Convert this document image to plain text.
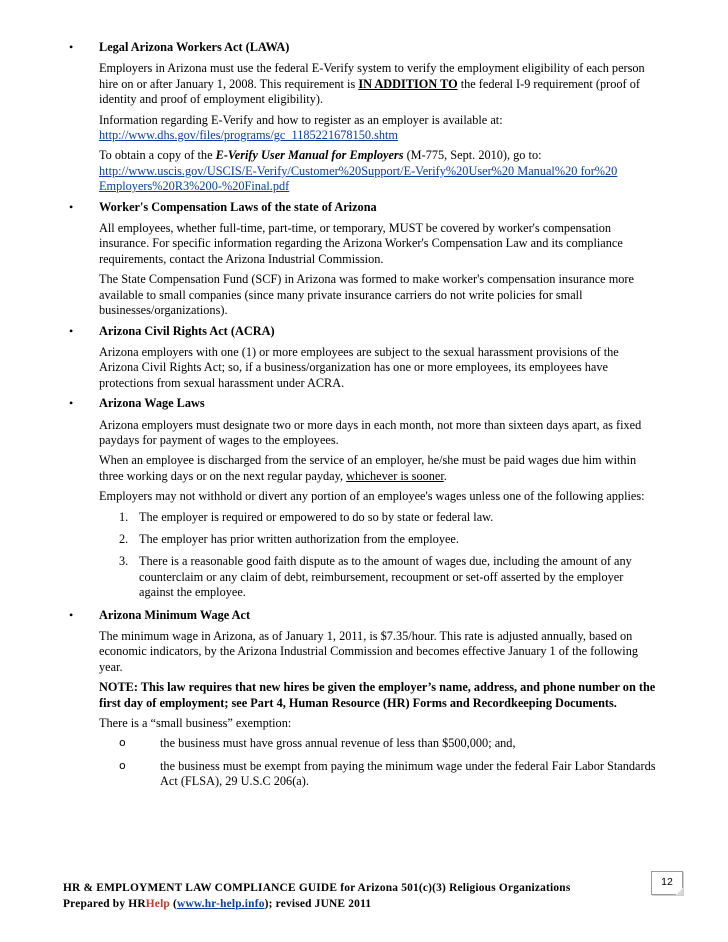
• Legal Arizona Workers Act (LAWA)

Employers in Arizona must use the federal E-Verify system to verify the employment eligibility of each person hire on or after January 1, 2008. This requirement is IN ADDITION TO the federal I-9 requirement (proof of identity and proof of employment eligibility).

Information regarding E-Verify and how to register as an employer is available at:
http://www.dhs.gov/files/programs/gc_1185221678150.shtm

To obtain a copy of the E-Verify User Manual for Employers (M-775, Sept. 2010), go to:
http://www.uscis.gov/USCIS/E-Verify/Customer%20Support/E-Verify%20User%20 Manual%20 for%20 Employers%20R3%200-%20Final.pdf

• Worker's Compensation Laws of the state of Arizona

All employees, whether full-time, part-time, or temporary, MUST be covered by worker's compensation insurance. For specific information regarding the Arizona Worker's Compensation Law and its compliance requirements, contact the Arizona Industrial Commission.

The State Compensation Fund (SCF) in Arizona was formed to make worker's compensation insurance more available to small companies (since many private insurance carriers do not write policies for small businesses/organizations).

• Arizona Civil Rights Act (ACRA)

Arizona employers with one (1) or more employees are subject to the sexual harassment provisions of the Arizona Civil Rights Act; so, if a business/organization has one or more employees, its employees have protections from sexual harassment under ACRA.

• Arizona Wage Laws

Arizona employers must designate two or more days in each month, not more than sixteen days apart, as fixed paydays for payment of wages to the employees.

When an employee is discharged from the service of an employer, he/she must be paid wages due him within three working days or on the next regular payday, whichever is sooner.

Employers may not withhold or divert any portion of an employee's wages unless one of the following applies:

1. The employer is required or empowered to do so by state or federal law.
2. The employer has prior written authorization from the employee.
3. There is a reasonable good faith dispute as to the amount of wages due, including the amount of any counterclaim or any claim of debt, reimbursement, recoupment or set-off asserted by the employer against the employee.
• Arizona Minimum Wage Act

The minimum wage in Arizona, as of January 1, 2011, is $7.35/hour. This rate is adjusted annually, based on economic indicators, by the Arizona Industrial Commission and becomes effective January 1 of the following year.

NOTE: This law requires that new hires be given the employer’s name, address, and phone number on the first day of employment; see Part 4, Human Resource (HR) Forms and Recordkeeping Documents.

There is a “small business” exemption:

o	the business must have gross annual revenue of less than $500,000; and,
o	the business must be exempt from paying the minimum wage under the federal Fair Labor Standards Act (FLSA), 29 U.S.C 206(a).
12
HR & EMPLOYMENT LAW COMPLIANCE GUIDE for Arizona 501(c)(3) Religious Organizations
Prepared by HRHelp (www.hr-help.info); revised JUNE 2011
